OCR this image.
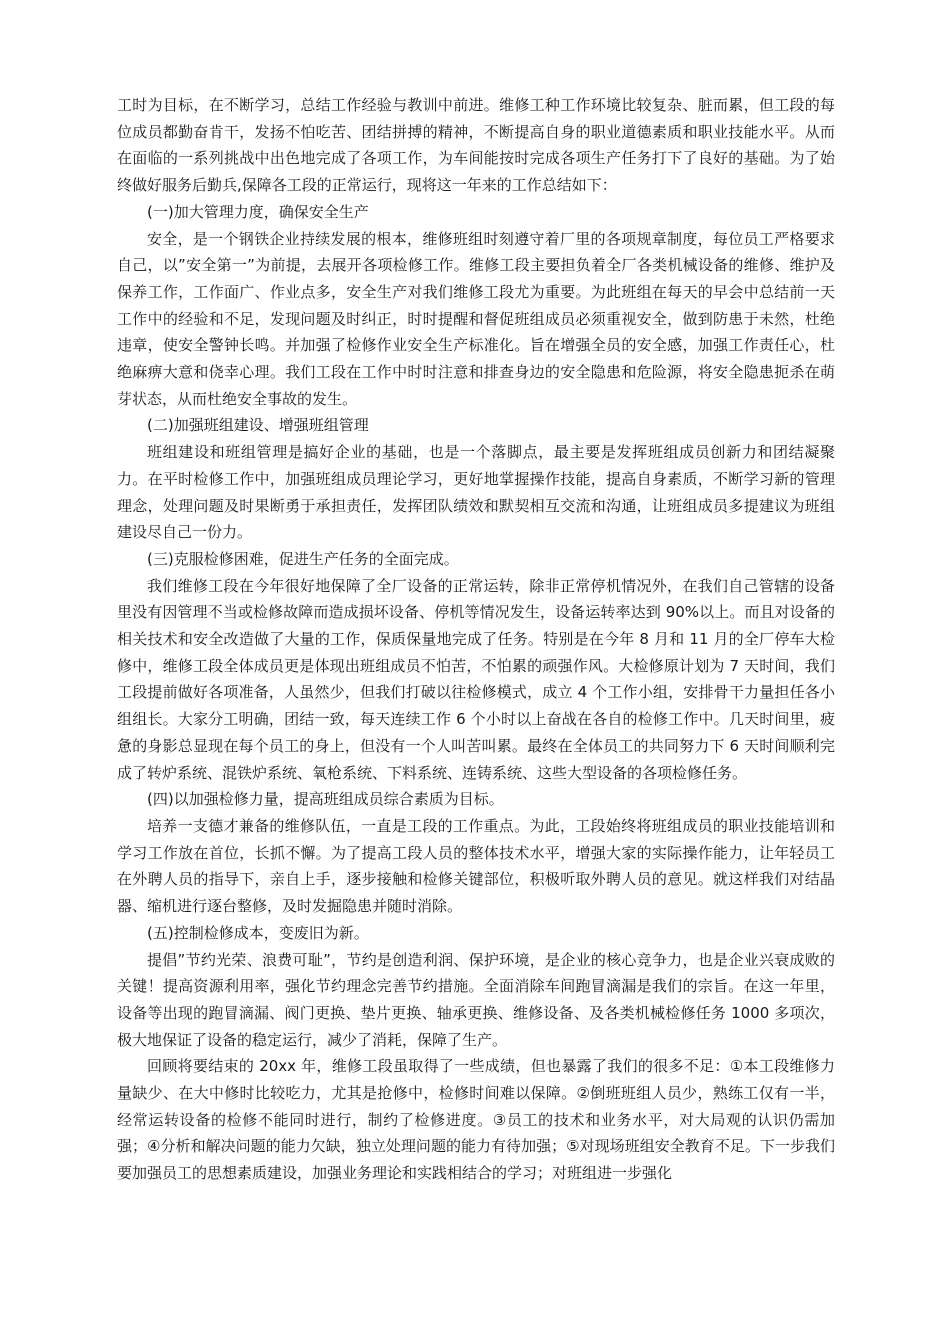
工时为目标，在不断学习，总结工作经验与教训中前进。维修工种工作环境比较复杂、脏而累，但工段的每位成员都勤奋肯干，发扬不怕吃苦、团结拼搏的精神，不断提高自身的职业道德素质和职业技能水平。从而在面临的一系列挑战中出色地完成了各项工作，为车间能按时完成各项生产任务打下了良好的基础。为了始终做好服务后勤兵,保障各工段的正常运行，现将这一年来的工作总结如下：

(一)加大管理力度，确保安全生产

安全，是一个钢铁企业持续发展的根本，维修班组时刻遵守着厂里的各项规章制度，每位员工严格要求自己，以”安全第一”为前提，去展开各项检修工作。维修工段主要担负着全厂各类机械设备的维修、维护及保养工作，工作面广、作业点多，安全生产对我们维修工段尤为重要。为此班组在每天的早会中总结前一天工作中的经验和不足，发现问题及时纠正，时时提醒和督促班组成员必须重视安全，做到防患于未然，杜绝违章，使安全警钟长鸣。并加强了检修作业安全生产标准化。旨在增强全员的安全感，加强工作责任心，杜绝麻痹大意和侥幸心理。我们工段在工作中时时注意和排查身边的安全隐患和危险源，将安全隐患扼杀在萌芽状态，从而杜绝安全事故的发生。

(二)加强班组建设、增强班组管理

班组建设和班组管理是搞好企业的基础，也是一个落脚点，最主要是发挥班组成员创新力和团结凝聚力。在平时检修工作中，加强班组成员理论学习，更好地掌握操作技能，提高自身素质，不断学习新的管理理念，处理问题及时果断勇于承担责任，发挥团队绩效和默契相互交流和沟通，让班组成员多提建议为班组建设尽自己一份力。

(三)克服检修困难，促进生产任务的全面完成。

我们维修工段在今年很好地保障了全厂设备的正常运转，除非正常停机情况外，在我们自己管辖的设备里没有因管理不当或检修故障而造成损坏设备、停机等情况发生，设备运转率达到 90%以上。而且对设备的相关技术和安全改造做了大量的工作，保质保量地完成了任务。特别是在今年 8 月和 11 月的全厂停车大检修中，维修工段全体成员更是体现出班组成员不怕苦，不怕累的顽强作风。大检修原计划为 7 天时间，我们工段提前做好各项准备，人虽然少，但我们打破以往检修模式，成立 4 个工作小组，安排骨干力量担任各小组组长。大家分工明确，团结一致，每天连续工作 6 个小时以上奋战在各自的检修工作中。几天时间里，疲惫的身影总显现在每个员工的身上，但没有一个人叫苦叫累。最终在全体员工的共同努力下 6 天时间顺利完成了转炉系统、混铁炉系统、氧枪系统、下料系统、连铸系统、这些大型设备的各项检修任务。

(四)以加强检修力量，提高班组成员综合素质为目标。

培养一支德才兼备的维修队伍，一直是工段的工作重点。为此，工段始终将班组成员的职业技能培训和学习工作放在首位，长抓不懈。为了提高工段人员的整体技术水平，增强大家的实际操作能力，让年轻员工在外聘人员的指导下，亲自上手，逐步接触和检修关键部位，积极听取外聘人员的意见。就这样我们对结晶器、缩机进行逐台整修，及时发掘隐患并随时消除。

(五)控制检修成本，变废旧为新。

提倡”节约光荣、浪费可耻”，节约是创造利润、保护环境，是企业的核心竞争力，也是企业兴衰成败的关键！提高资源利用率，强化节约理念完善节约措施。全面消除车间跑冒滴漏是我们的宗旨。在这一年里，设备等出现的跑冒滴漏、阀门更换、垫片更换、轴承更换、维修设备、及各类机械检修任务 1000 多项次，极大地保证了设备的稳定运行，减少了消耗，保障了生产。

回顾将要结束的 20xx 年，维修工段虽取得了一些成绩，但也暴露了我们的很多不足：①本工段维修力量缺少、在大中修时比较吃力，尤其是抢修中，检修时间难以保障。②倒班班组人员少，熟练工仅有一半，经常运转设备的检修不能同时进行，制约了检修进度。③员工的技术和业务水平，对大局观的认识仍需加强；④分析和解决问题的能力欠缺，独立处理问题的能力有待加强；⑤对现场班组安全教育不足。下一步我们要加强员工的思想素质建设，加强业务理论和实践相结合的学习；对班组进一步强化
